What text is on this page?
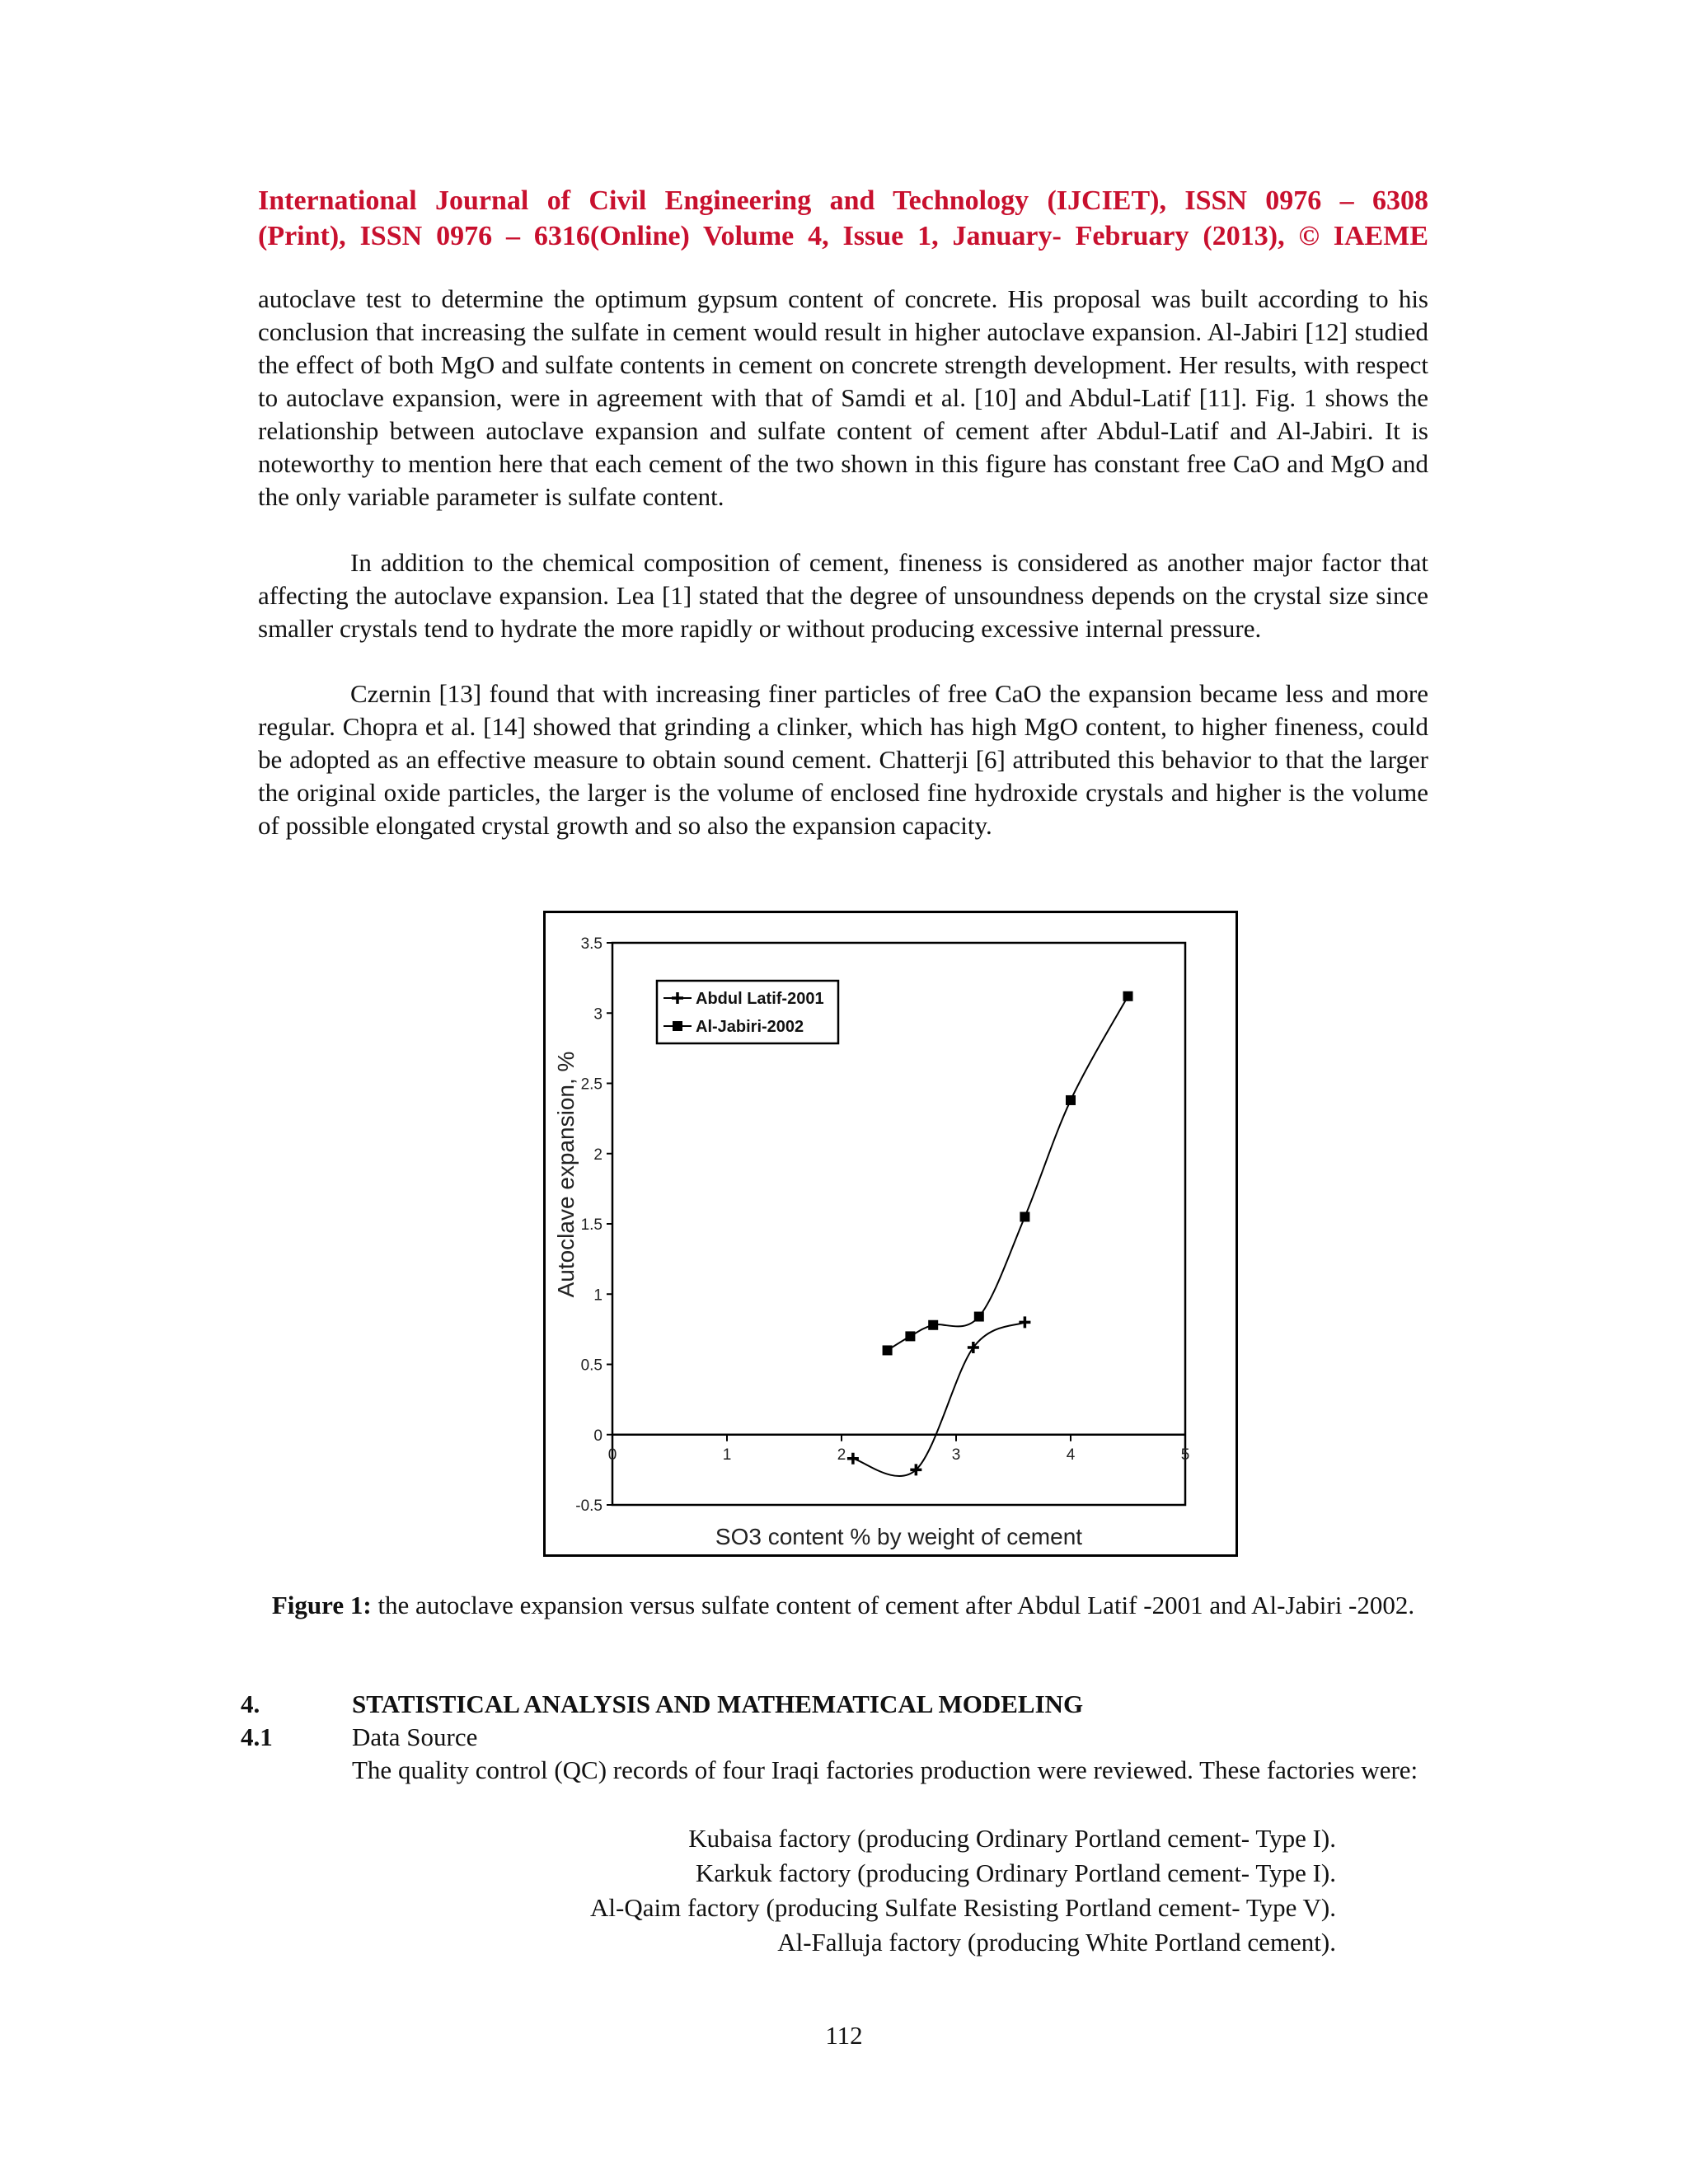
International Journal of Civil Engineering and Technology (IJCIET), ISSN 0976 – 6308
(Print), ISSN 0976 – 6316(Online) Volume 4, Issue 1, January- February (2013), © IAEME

autoclave test to determine the optimum gypsum content of concrete. His proposal was built according to his conclusion that increasing the sulfate in cement would result in higher autoclave expansion. Al-Jabiri [12] studied the effect of both MgO and sulfate contents in cement on concrete strength development. Her results, with respect to autoclave expansion, were in agreement with that of Samdi et al. [10] and Abdul-Latif [11]. Fig. 1 shows the relationship between autoclave expansion and sulfate content of cement after Abdul-Latif and Al-Jabiri. It is noteworthy to mention here that each cement of the two shown in this figure has constant free CaO and MgO and the only variable parameter is sulfate content.

In addition to the chemical composition of cement, fineness is considered as another major factor that affecting the autoclave expansion. Lea [1] stated that the degree of unsoundness depends on the crystal size since smaller crystals tend to hydrate the more rapidly or without producing excessive internal pressure.

Czernin [13] found that with increasing finer particles of free CaO the expansion became less and more regular. Chopra et al. [14] showed that grinding a clinker, which has high MgO content, to higher fineness, could be adopted as an effective measure to obtain sound cement. Chatterji [6] attributed this behavior to that the larger the original oxide particles, the larger is the volume of enclosed fine hydroxide crystals and higher is the volume of possible elongated crystal growth and so also the expansion capacity.

-0.5
0
0.5
1
1.5
2
2.5
3
3.5
0	1	2	3	4	5
SO3 content % by weight of cement
Autoclave expansion, %
Abdul Latif-2001
Al-Jabiri-2002
Figure 1: the autoclave expansion versus sulfate content of cement after Abdul Latif -2001 and Al-Jabiri -2002.
4.	STATISTICAL ANALYSIS AND MATHEMATICAL MODELING
4.1	Data Source
The quality control (QC) records of four Iraqi factories production were reviewed. These factories were:
Kubaisa factory (producing Ordinary Portland cement- Type I).
Karkuk factory (producing Ordinary Portland cement- Type I).
Al-Qaim factory (producing Sulfate Resisting Portland cement- Type V).
Al-Falluja factory (producing White Portland cement).
112
